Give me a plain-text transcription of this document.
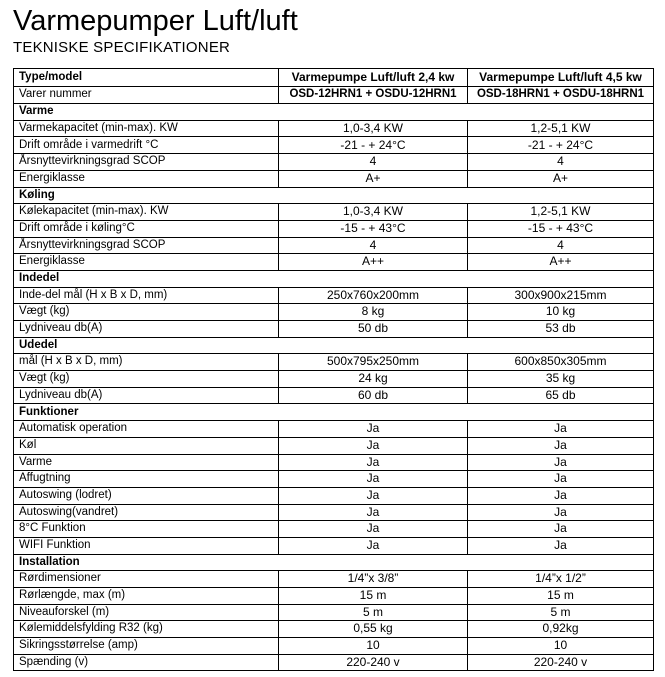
Varmepumper Luft/luft
TEKNISKE SPECIFIKATIONER
Type/model	Varmepumpe Luft/luft 2,4 kw	Varmepumpe Luft/luft 4,5 kw
Varer nummer	OSD-12HRN1 + OSDU-12HRN1	OSD-18HRN1 + OSDU-18HRN1
Varme		
Varmekapacitet (min-max). KW	1,0-3,4 KW	1,2-5,1 KW
Drift område i varmedrift °C	-21 - + 24°C	-21 - + 24°C
Årsnyttevirkningsgrad SCOP	4	4
Energiklasse	A+	A+
Køling		
Kølekapacitet (min-max). KW	1,0-3,4 KW	1,2-5,1 KW
Drift område i køling°C	-15 - + 43°C	-15 - + 43°C
Årsnyttevirkningsgrad SCOP	4	4
Energiklasse	A++	A++
Indedel		
Inde-del mål (H x B x D, mm)	250x760x200mm	300x900x215mm
Vægt (kg)	8 kg	10 kg
Lydniveau db(A)	50 db	53 db
Udedel		
mål (H x B x D, mm)	500x795x250mm	600x850x305mm
Vægt (kg)	24 kg	35 kg
Lydniveau db(A)	60 db	65 db
Funktioner		
Automatisk operation	Ja	Ja
Køl	Ja	Ja
Varme	Ja	Ja
Affugtning	Ja	Ja
Autoswing (lodret)	Ja	Ja
Autoswing(vandret)	Ja	Ja
8°C Funktion	Ja	Ja
WIFI Funktion	Ja	Ja
Installation		
Rørdimensioner	1/4”x 3/8”	1/4”x 1/2”
Rørlængde, max (m)	15 m	15 m
Niveauforskel (m)	5 m	5 m
Kølemiddelsfylding R32 (kg)	0,55 kg	0,92kg
Sikringsstørrelse (amp)	10	10
Spænding (v)	220-240 v	220-240 v
